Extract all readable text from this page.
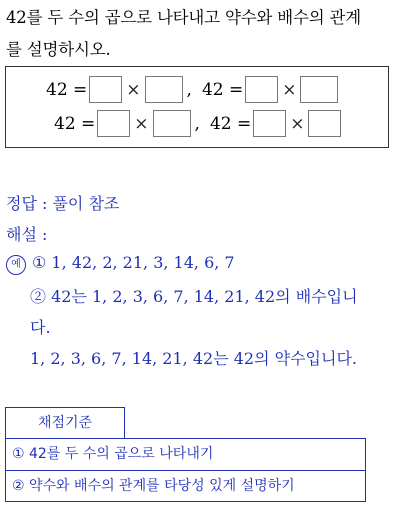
42를 두 수의 곱으로 나타내고 약수와 배수의 관계
를 설명하시오.
42 = ×	, 42 = ×
42 = ×	, 42 = ×
정답 : 풀이 참조
해설 :
예 ① 1, 42, 2, 21, 3, 14, 6, 7
② 42는 1, 2, 3, 6, 7, 14, 21, 42의 배수입니
다.
1, 2, 3, 6, 7, 14, 21, 42는 42의 약수입니다.
채점기준
① 42를 두 수의 곱으로 나타내기
② 약수와 배수의 관계를 타당성 있게 설명하기
